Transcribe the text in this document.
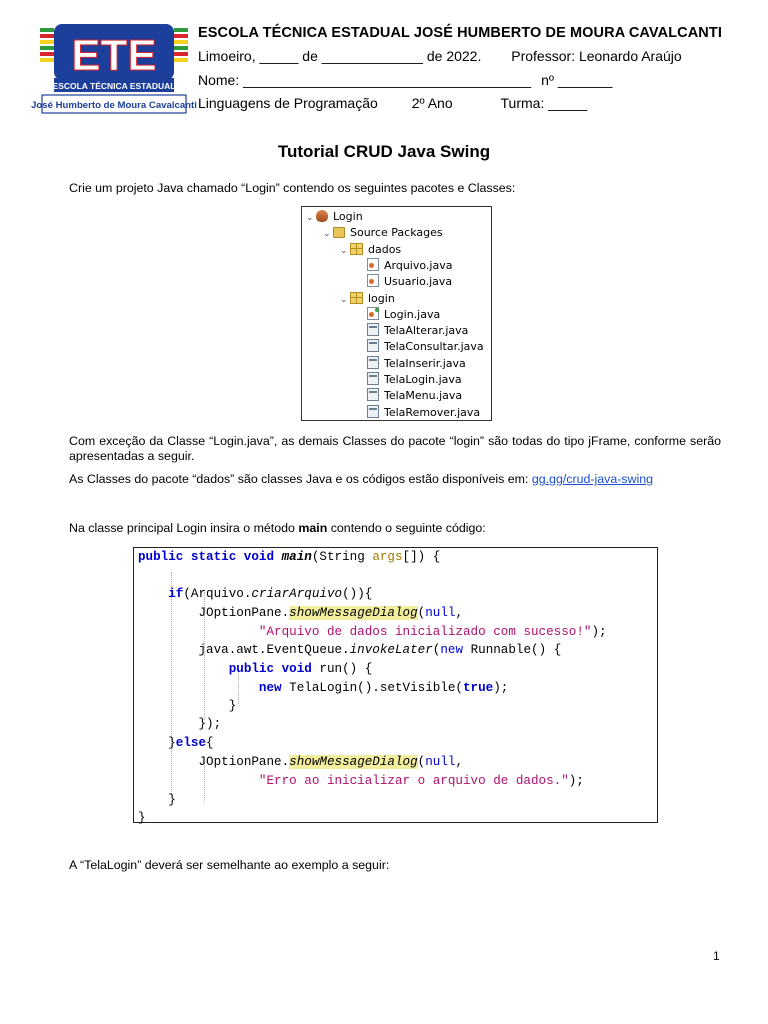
ETE
ESCOLA TÉCNICA ESTADUAL
José Humberto de Moura Cavalcanti
ESCOLA TÉCNICA ESTADUAL JOSÉ HUMBERTO DE MOURA CAVALCANTI
Limoeiro, _____ de _____________ de 2022. Professor: Leonardo Araújo
Nome: _____________________________________ nº _______
Linguagens de Programação 2º Ano	Turma: _____
Tutorial CRUD Java Swing
Crie um projeto Java chamado “Login” contendo os seguintes pacotes e Classes:
⌄ Login
⌄ Source Packages
⌄ dados
Arquivo.java
Usuario.java
⌄ login
Login.java
TelaAlterar.java
TelaConsultar.java
TelaInserir.java
TelaLogin.java
TelaMenu.java
TelaRemover.java
Com exceção da Classe “Login.java”, as demais Classes do pacote “login” são todas do tipo jFrame, conforme serão apresentadas a seguir.
As Classes do pacote “dados” são classes Java e os códigos estão disponíveis em: gg.gg/crud-java-swing
Na classe principal Login insira o método main contendo o seguinte código:
public static void main(String args[]) {
if(Arquivo.criarArquivo()){
JOptionPane.showMessageDialog(null,
"Arquivo de dados inicializado com sucesso!");
java.awt.EventQueue.invokeLater(new Runnable() {
public void run() {
new TelaLogin().setVisible(true);
}
});
}else{
JOptionPane.showMessageDialog(null,
"Erro ao inicializar o arquivo de dados.");
}
}
A “TelaLogin” deverá ser semelhante ao exemplo a seguir:
1
